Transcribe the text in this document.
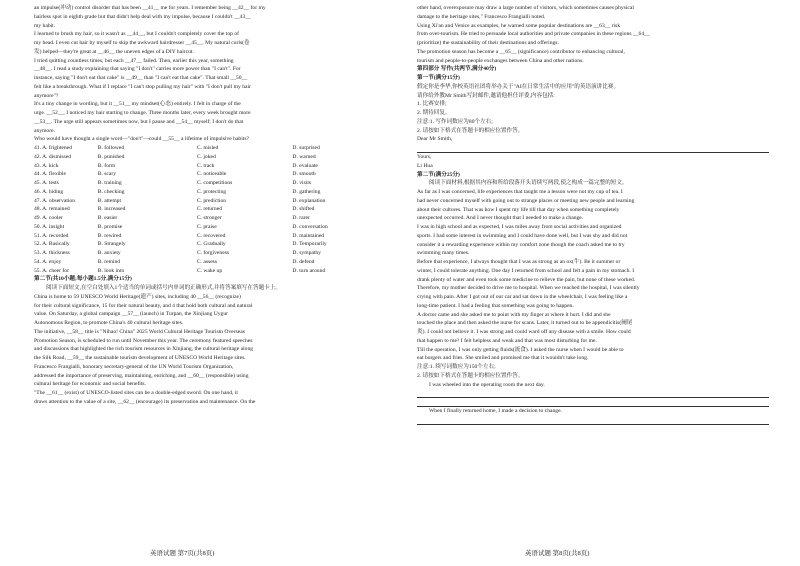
an impulse(冲动) control disorder that has been __41__ me for years. I remember being __42__ for my
hairless spot in eighth grade but that didn't help deal with my impulse, because I couldn't __43__
my habit.
I learned to brush my hair, so it wasn't as __44__, but I couldn't completely cover the top of
my head. I even cut hair by myself to skip the awkward hairdresser __45__. My natural curls(卷
发) helped—they're great at __46__ the uneven edges of a DIY haircut.
I tried quitting countless times, but each __47__ failed. Then, earlier this year, something
__48__. I read a study explaining that saying "I don't" carries more power than "I can't". For
instance, saying "I don't eat that cake" is __49__ than "I can't eat that cake". That small __50__
felt like a breakthrough. What if I replace "I can't stop pulling my hair" with "I don't pull my hair
anymore"?
It's a tiny change in wording, but it __51__ my mindset(心态) entirely. I felt in charge of the
urge. __52__, I noticed my hair starting to change. Three months later, every week brought more
__53__. The urge still appears sometimes now, but I pause and __54__ myself; I don't do that
anymore.
Who would have thought a single word—"don't"—could __55__ a lifetime of impulsive habits?

41. A. frightened	B. followed	C. misled	D. surprised
42. A. dismissed	B. punished	C. joked	D. warned
43. A. kick	B. form	C. track	D. evaluate
44. A. flexible	B. scary	C. noticeable	D. smooth
45. A. tests	B. training	C. competitions	D. visits
46. A. hiding	B. checking	C. protecting	D. gathering
47. A. observation	B. attempt	C. prediction	D. explanation
48. A. remained	B. increased	C. returned	D. shifted
49. A. cooler	B. easier	C. stronger	D. rarer
50. A. insight	B. promise	C. praise	D. conversation
51. A. recorded	B. rewired	C. recovered	D. maintained
52. A. Basically	B. Strangely	C. Gradually	D. Temporarily
53. A. thickness	B. anxiety	C. forgiveness	D. sympathy
54. A. enjoy	B. remind	C. assess	D. defend
55. A. cheer for	B. look into	C. wake up	D. turn around

第二节(共10小题;每小题1.5分,满分15分)

阅读下面短文,在空白处填入1个适当的单词或括号内单词的正确形式,并将答案填写在答题卡上。

China is home to 59 UNESCO World Heritage(遗产) sites, including 40 __56__ (recognize)
for their cultural significance, 15 for their natural beauty, and 4 that hold both cultural and natural
value. On Saturday, a global campaign __57__ (launch) in Turpan, the Xinjiang Uygur
Autonomous Region, to promote China's 40 cultural heritage sites.
The initiative, __58__ title is "Nihao! China" 2025 World Cultural Heritage Tourism Overseas
Promotion Season, is scheduled to run until November this year. The ceremony featured speeches
and discussions that highlighted the rich tourism resources in Xinjiang, the cultural heritage along
the Silk Road, __59__ the sustainable tourism development of UNESCO World Heritage sites.
Francesco Frangialli, honorary secretary-general of the UN World Tourism Organization,
addressed the importance of preserving, maintaining, enriching, and __60__ (responsible) using
cultural heritage for economic and social benefits.
"The __61__ (exist) of UNESCO-listed sites can be a double-edged sword. On one hand, it
draws attention to the value of a site, __62__ (encourage) its preservation and maintenance. On the

other hand, overexposure may draw a large number of visitors, which sometimes causes physical
damage to the heritage sites," Francesco Frangialli noted.
Using Xi'an and Venice as examples, he warned some popular destinations are __63__ risk
from over-tourism. He tried to persuade local authorities and private companies in these regions __64__
(prioritize) the sustainability of their destinations and offerings.
The promotion season has become a __65__ (significance) contributor to enhancing cultural,
tourism and people-to-people exchanges between China and other nations.

第四部分 写作(共两节,满分40分)

第一节(满分15分)

假定你是李华,你校英语社团将举办关于"AI在日常生活中的应用"的英语演讲比赛。
请你给外教Mr Smith写封邮件,邀请他担任评委,内容包括:
1. 比赛安排;
2. 期待回复。
注意:1. 写作词数应为80个左右;
2. 请按如下格式在答题卡的相应位置作答。

Dear Mr Smith,

Yours,

Li Hua

第二节(满分25分)

阅读下面材料,根据其内容和所给段落开头语续写两段,使之构成一篇完整的短文。

As far as I was concerned, life experiences that taught me a lesson were not my cup of tea. I
had never concerned myself with going out to strange places or meeting new people and learning
about their cultures. That was how I spent my life till that day when something completely
unexpected occurred. And I never thought that I needed to make a change.
I was in high school and as expected, I was miles away from social activities and organized
sports. I had some interest in swimming and I could have done well, but I was shy and did not
consider it a rewarding experience within my comfort zone though the coach asked me to try
swimming many times.
Before that experience, I always thought that I was as strong as an ox(牛). Be it summer or
winter, I could tolerate anything. One day I returned from school and felt a pain in my stomach. I
drank plenty of water and even took some medicine to relieve the pain, but none of these worked.
Therefore, my mother decided to drive me to hospital. When we reached the hospital, I was silently
crying with pain. After I got out of our car and sat down in the wheelchair, I was feeling like a
long-time patient. I had a feeling that something was going to happen.
A doctor came and she asked me to point with my finger at where it hurt. I did and she
touched the place and then asked the nurse for scans. Later, it turned out to be appendicitis(阑尾
炎). I could not believe it. I was strong and could ward off any disease with a smile. How could
that happen to me? I felt helpless and weak and that was most disturbing for me.
Till the operation, I was only getting fluids(流食). I asked the nurse when I would be able to
eat burgers and fries. She smiled and promised me that it wouldn't take long.

注意:1. 续写词数应为150个左右;
2. 请按如下格式在答题卡的相应位置作答。

I was wheeled into the operating room the next day.

When I finally returned home, I made a decision to change.

英语试题 第7页(共8页)	英语试题 第8页(共8页)
